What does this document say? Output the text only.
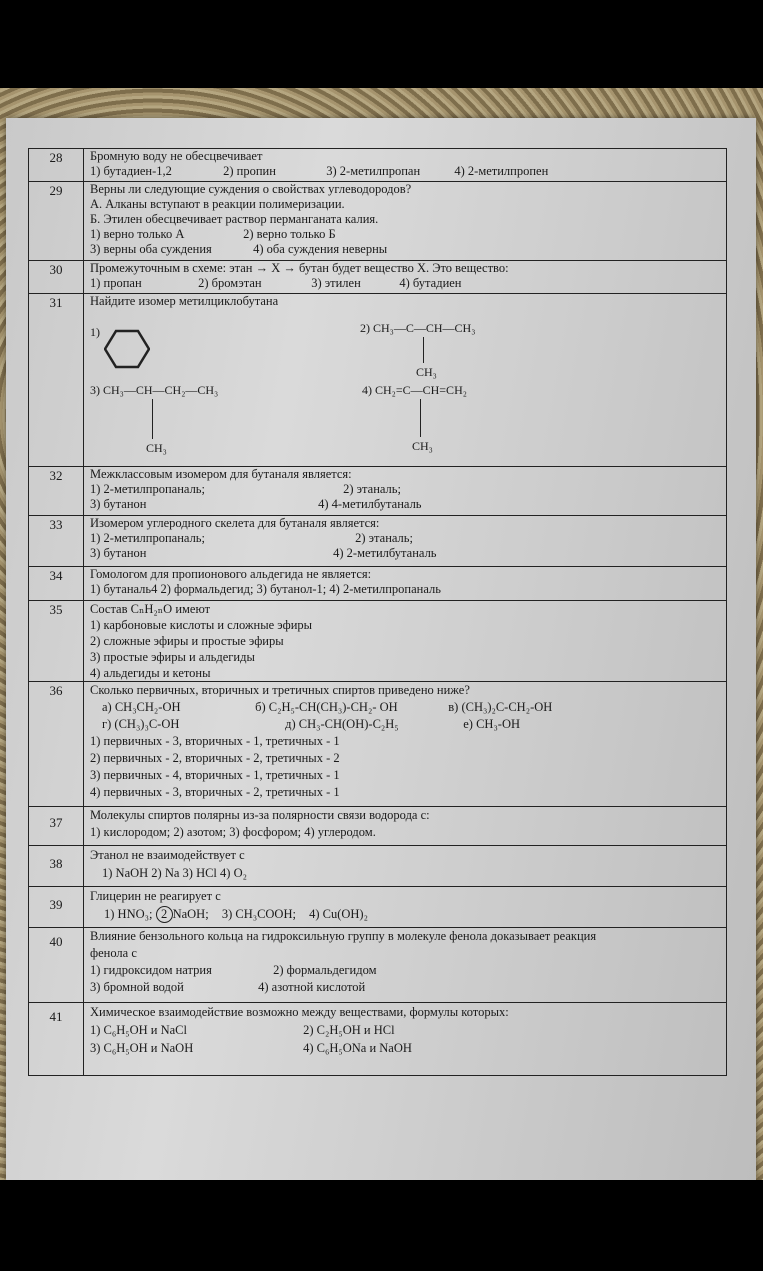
28	Бромную воду не обесцвечивает
1) бутадиен-1,2	2) пропин	3) 2-метилпропан	4) 2-метилпропен
29	Верны ли следующие суждения о свойствах углеводородов?
А. Алканы вступают в реакции полимеризации.
Б. Этилен обесцвечивает раствор перманганата калия.
1) верно только А	2) верно только Б
3) верны оба суждения	4) оба суждения неверны
30	Промежуточным в схеме: этан → X → бутан будет вещество X. Это вещество:
1) пропан	2) бромэтан	3) этилен	4) бутадиен
31	Найдите изомер метилциклобутана
1)	2) CH₃—C—CH—CH₃
CH₃
3) CH₃—CH—CH₂—CH₃
CH₃
4) CH₂=C—CH=CH₂
CH₃
32	Межклассовым изомером для бутаналя является:
1) 2-метилпропаналь;	2) этаналь;
3) бутанон	4) 4-метилбутаналь
33	Изомером углеродного скелета для бутаналя является:
1) 2-метилпропаналь;	2) этаналь;
3) бутанон	4) 2-метилбутаналь
34	Гомологом для пропионового альдегида не является:
1) бутаналь4 2) формальдегид; 3) бутанол-1; 4) 2-метилпропаналь
35	Состав CₙH₂ₙO имеют
1) карбоновые кислоты и сложные эфиры
2) сложные эфиры и простые эфиры
3) простые эфиры и альдегиды
4) альдегиды и кетоны
36	Сколько первичных, вторичных и третичных спиртов приведено ниже?
а) CH₃CH₂-OH	б) C₂H₅-CH(CH₃)-CH₂- OH	в) (CH₃)₂C-CH₂-OH
г) (CH₃)₃C-OH	д) CH₃-CH(OH)-C₂H₅	е) CH₃-OH
1) первичных - 3, вторичных - 1, третичных - 1
2) первичных - 2, вторичных - 2, третичных - 2
3) первичных - 4, вторичных - 1, третичных - 1
4) первичных - 3, вторичных - 2, третичных - 1
37	Молекулы спиртов полярны из-за полярности связи водорода с:
1) кислородом; 2) азотом; 3) фосфором; 4) углеродом.
38
Этанол не взаимодействует с
1) NaOH 2) Na 3) HCl 4) O₂
39
Глицерин не реагирует с
1) HNO₃; 2 NaOH; 3) CH₃COOH; 4) Cu(OH)₂
40	Влияние бензольного кольца на гидроксильную группу в молекуле фенола доказывает реакция
фенола с
1) гидроксидом натрия	2) формальдегидом
3) бромной водой	4) азотной кислотой
41	Химическое взаимодействие возможно между веществами, формулы которых:
1) C₆H₅OH и NaCl	2) C₂H₅OH и HCl
3) C₆H₅OH и NaOH	4) C₆H₅ONa и NaOH
